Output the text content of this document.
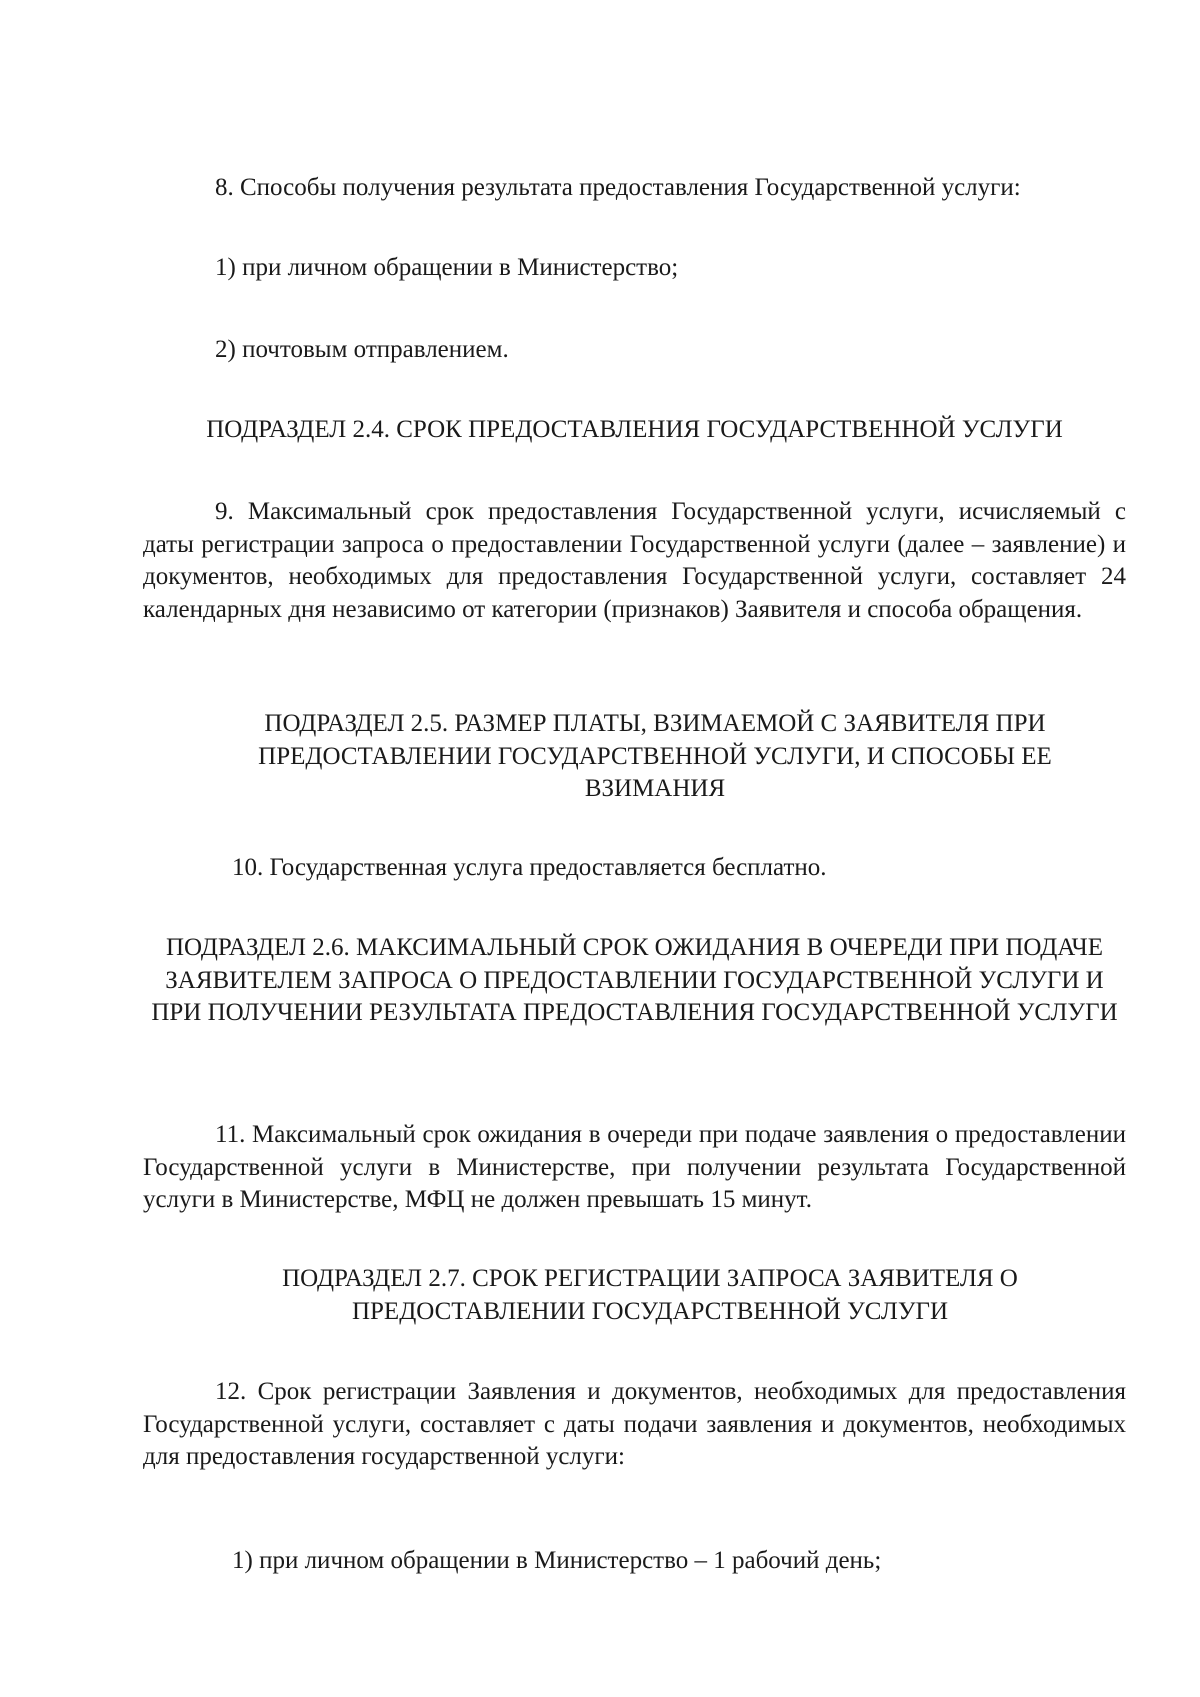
8. Способы получения результата предоставления Государственной услуги:

1) при личном обращении в Министерство;

2) почтовым отправлением.

ПОДРАЗДЕЛ 2.4. СРОК ПРЕДОСТАВЛЕНИЯ ГОСУДАРСТВЕННОЙ УСЛУГИ

9. Максимальный срок предоставления Государственной услуги, исчисляемый с даты регистрации запроса о предоставлении Государственной услуги (далее – заявление) и документов, необходимых для предоставления Государственной услуги, составляет 24 календарных дня независимо от категории (признаков) Заявителя и способа обращения.

ПОДРАЗДЕЛ 2.5. РАЗМЕР ПЛАТЫ, ВЗИМАЕМОЙ С ЗАЯВИТЕЛЯ ПРИ ПРЕДОСТАВЛЕНИИ ГОСУДАРСТВЕННОЙ УСЛУГИ, И СПОСОБЫ ЕЕ ВЗИМАНИЯ

10. Государственная услуга предоставляется бесплатно.

ПОДРАЗДЕЛ 2.6. МАКСИМАЛЬНЫЙ СРОК ОЖИДАНИЯ В ОЧЕРЕДИ ПРИ ПОДАЧЕ ЗАЯВИТЕЛЕМ ЗАПРОСА О ПРЕДОСТАВЛЕНИИ ГОСУДАРСТВЕННОЙ УСЛУГИ И ПРИ ПОЛУЧЕНИИ РЕЗУЛЬТАТА ПРЕДОСТАВЛЕНИЯ ГОСУДАРСТВЕННОЙ УСЛУГИ

11. Максимальный срок ожидания в очереди при подаче заявления о предоставлении Государственной услуги в Министерстве, при получении результата Государственной услуги в Министерстве, МФЦ не должен превышать 15 минут.

ПОДРАЗДЕЛ 2.7. СРОК РЕГИСТРАЦИИ ЗАПРОСА ЗАЯВИТЕЛЯ О ПРЕДОСТАВЛЕНИИ ГОСУДАРСТВЕННОЙ УСЛУГИ

12. Срок регистрации Заявления и документов, необходимых для предоставления Государственной услуги, составляет с даты подачи заявления и документов, необходимых для предоставления государственной услуги:

1) при личном обращении в Министерство – 1 рабочий день;
